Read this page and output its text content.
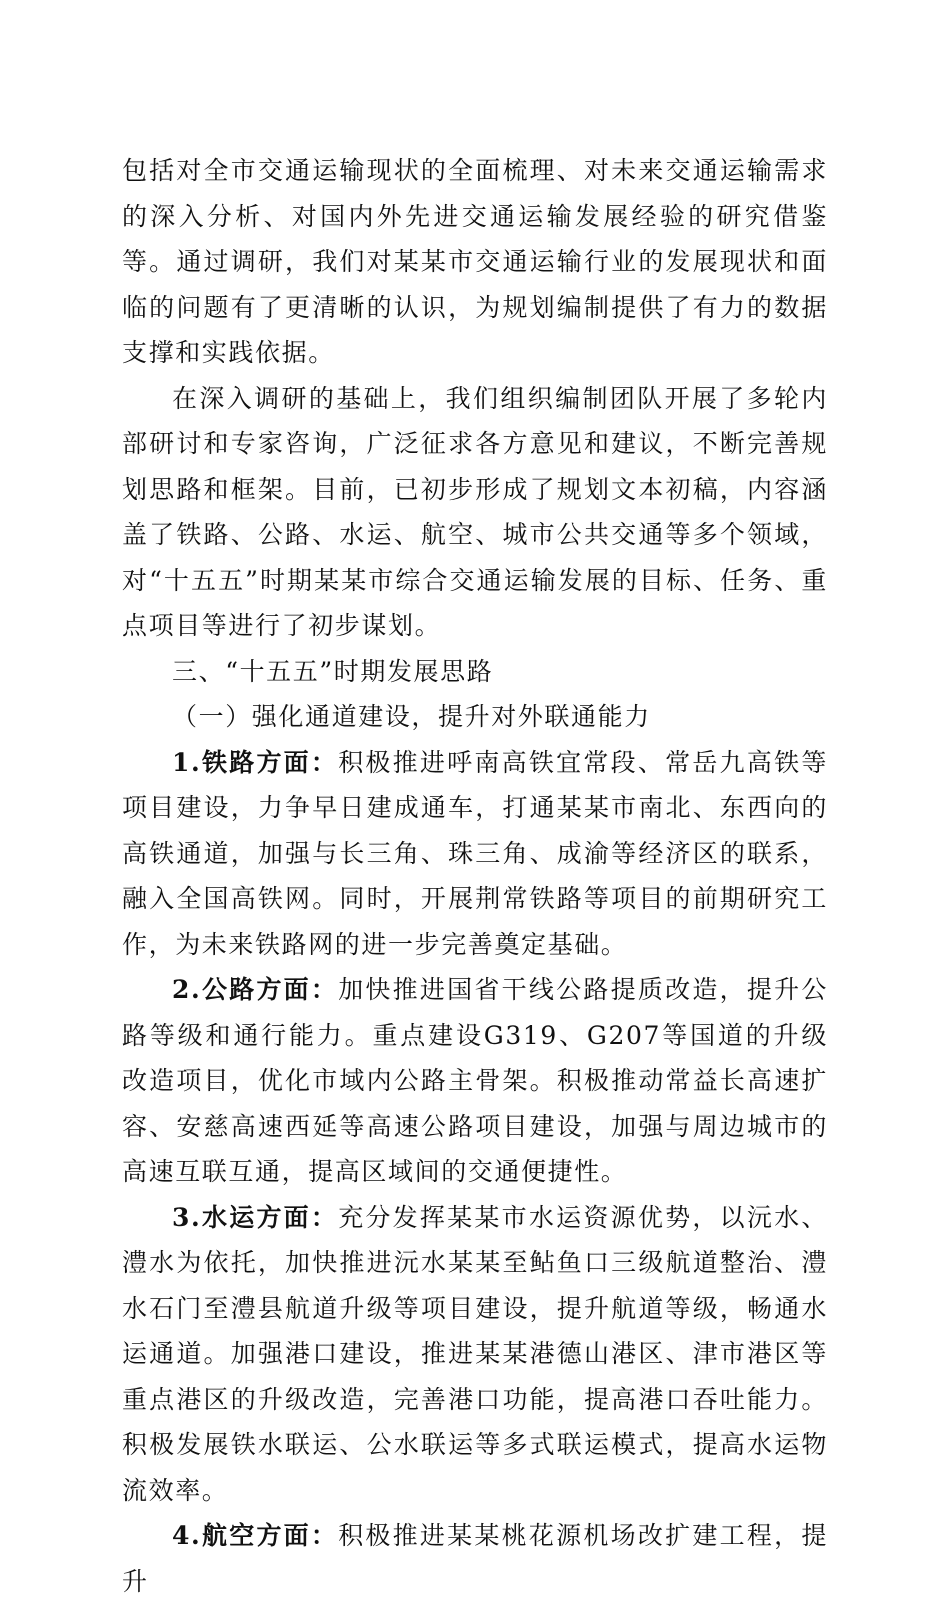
包括对全市交通运输现状的全面梳理、对未来交通运输需求的深入分析、对国内外先进交通运输发展经验的研究借鉴等。通过调研，我们对某某市交通运输行业的发展现状和面临的问题有了更清晰的认识，为规划编制提供了有力的数据支撑和实践依据。

在深入调研的基础上，我们组织编制团队开展了多轮内部研讨和专家咨询，广泛征求各方意见和建议，不断完善规划思路和框架。目前，已初步形成了规划文本初稿，内容涵盖了铁路、公路、水运、航空、城市公共交通等多个领域，对“十五五”时期某某市综合交通运输发展的目标、任务、重点项目等进行了初步谋划。

三、“十五五”时期发展思路

（一）强化通道建设，提升对外联通能力

1.铁路方面：积极推进呼南高铁宜常段、常岳九高铁等项目建设，力争早日建成通车，打通某某市南北、东西向的高铁通道，加强与长三角、珠三角、成渝等经济区的联系，融入全国高铁网。同时，开展荆常铁路等项目的前期研究工作，为未来铁路网的进一步完善奠定基础。

2.公路方面：加快推进国省干线公路提质改造，提升公路等级和通行能力。重点建设G319、G207等国道的升级改造项目，优化市域内公路主骨架。积极推动常益长高速扩容、安慈高速西延等高速公路项目建设，加强与周边城市的高速互联互通，提高区域间的交通便捷性。

3.水运方面：充分发挥某某市水运资源优势，以沅水、澧水为依托，加快推进沅水某某至鲇鱼口三级航道整治、澧水石门至澧县航道升级等项目建设，提升航道等级，畅通水运通道。加强港口建设，推进某某港德山港区、津市港区等重点港区的升级改造，完善港口功能，提高港口吞吐能力。积极发展铁水联运、公水联运等多式联运模式，提高水运物流效率。

4.航空方面：积极推进某某桃花源机场改扩建工程，提升
